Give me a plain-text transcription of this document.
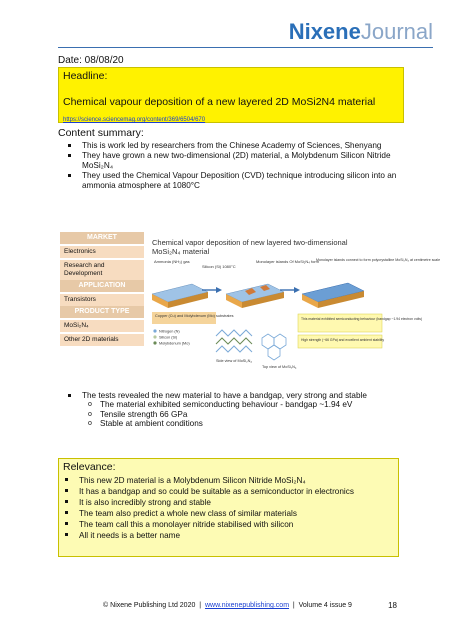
NixeneJournal
Date: 08/08/20
Headline:
Chemical vapour deposition of a new layered 2D MoSi2N4 material
https://science.sciencemag.org/content/369/6504/670
Content summary:
This is work led by researchers from the Chinese Academy of Sciences, Shenyang
They have grown a new two-dimensional (2D) material, a Molybdenum Silicon Nitride MoSi₂N₄
They used the Chemical Vapour Deposition (CVD) technique introducing silicon into an ammonia atmosphere at 1080°C
MARKET
Electronics
Research and Development
APPLICATION
Transistors
PRODUCT TYPE
MoSi₂N₄
Other 2D materials
Chemical vapor deposition of new layered two-dimensional MoSi₂N₄ material
Ammonia (NH₃) gas
Silicon (Si) 1080°C
Monolayer islands Of MoSi₂N₄ form
Monolayer islands connect to form polycrystalline MoSi₂N₄ at centimetre scale
Copper (Cu) and Molybdenum (Mo) substrates
This material exhibited semiconducting behaviour (bandgap ~1.94 electron volts)
High strength (~66 GPa) and excellent ambient stability
Nitrogen (N)
Silicon (Si)
Molybdenum (Mo)
Side view of MoSi₂N₄
Top view of MoSi₂N₄
The tests revealed the new material to have a bandgap, very strong and stable
o The material exhibited semiconducting behaviour - bandgap ~1.94 eV
o Tensile strength 66 GPa
o Stable at ambient conditions
Relevance:
This new 2D material is a Molybdenum Silicon Nitride MoSi₂N₄
It has a bandgap and so could be suitable as a semiconductor in electronics
It is also incredibly strong and stable
The team also predict a whole new class of similar materials
The team call this a monolayer nitride stabilised with silicon
All it needs is a better name
© Nixene Publishing Ltd 2020 | www.nixenepublishing.com | Volume 4 issue 9	18
